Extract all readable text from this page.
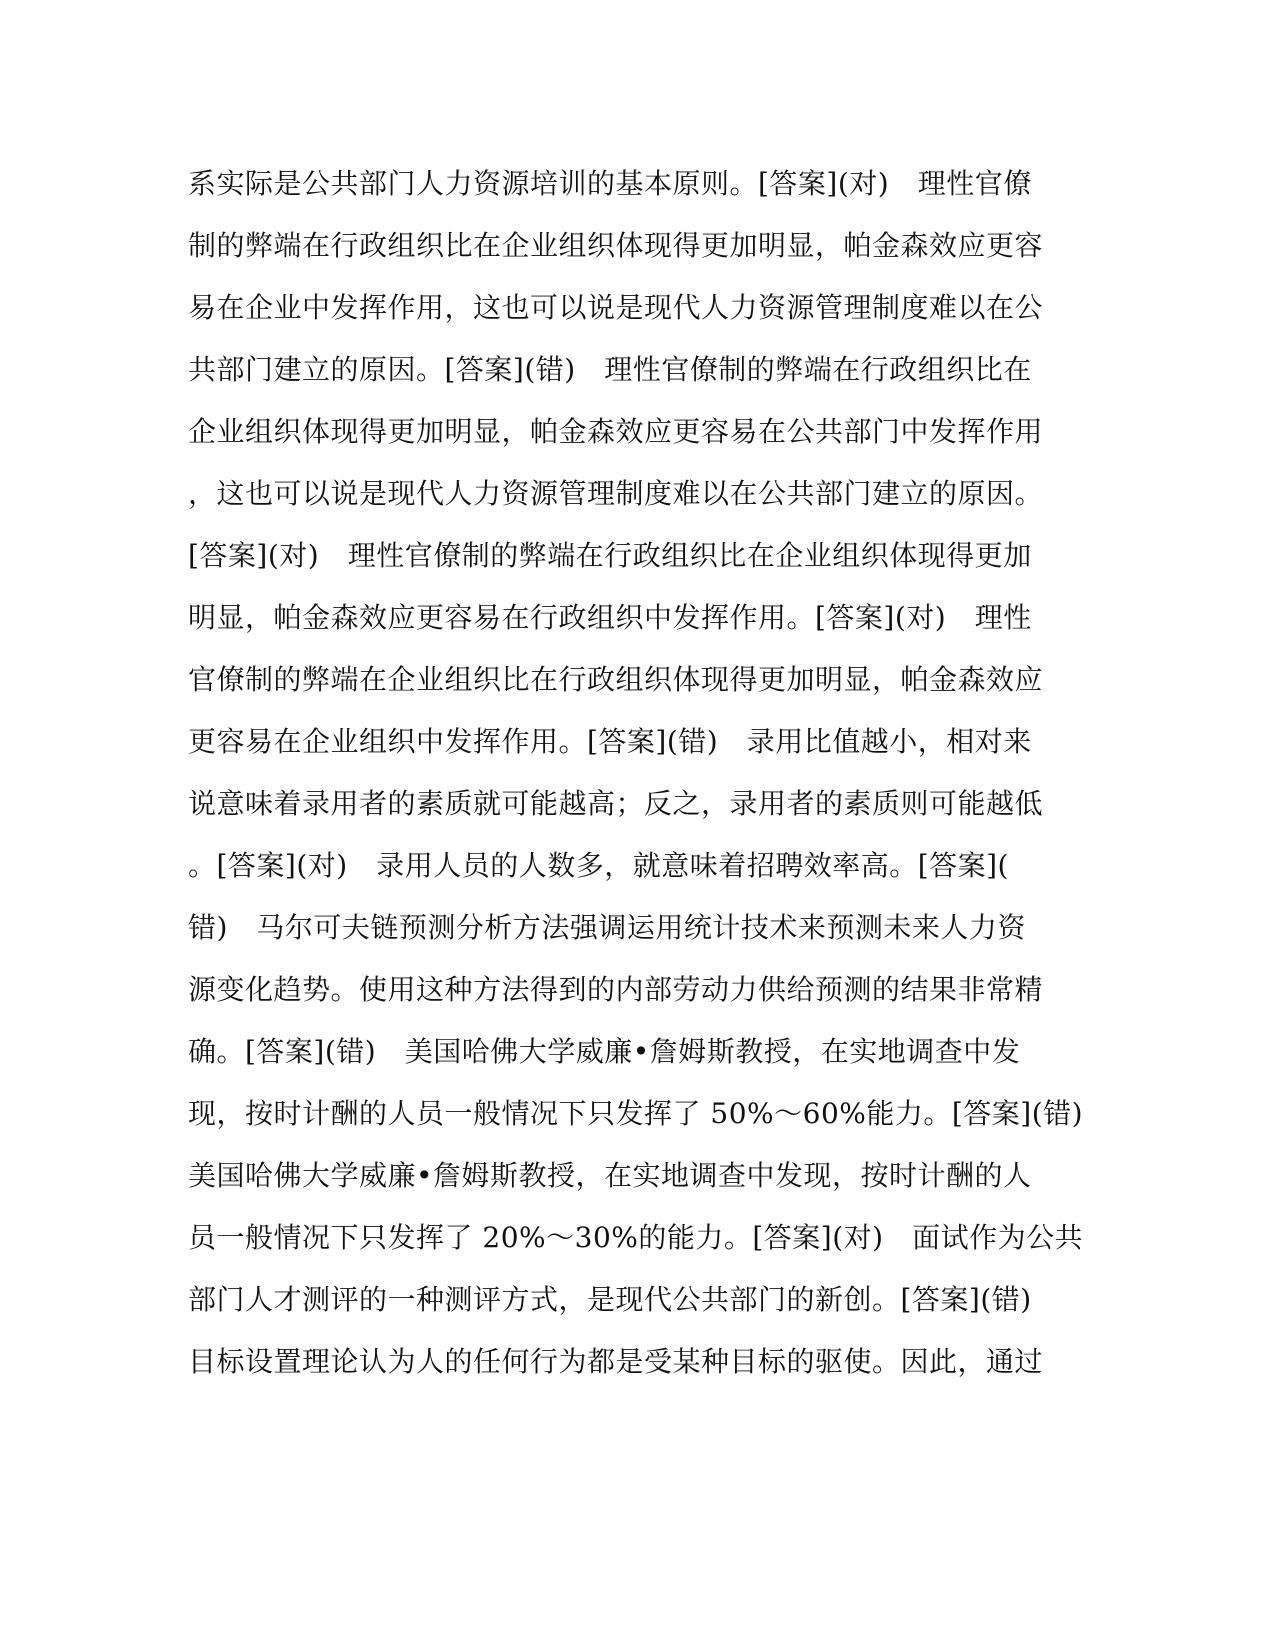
系实际是公共部门人力资源培训的基本原则。[答案](对)　理性官僚
制的弊端在行政组织比在企业组织体现得更加明显，帕金森效应更容
易在企业中发挥作用，这也可以说是现代人力资源管理制度难以在公
共部门建立的原因。[答案](错)　理性官僚制的弊端在行政组织比在
企业组织体现得更加明显，帕金森效应更容易在公共部门中发挥作用
，这也可以说是现代人力资源管理制度难以在公共部门建立的原因。
[答案](对)　理性官僚制的弊端在行政组织比在企业组织体现得更加
明显，帕金森效应更容易在行政组织中发挥作用。[答案](对)　理性
官僚制的弊端在企业组织比在行政组织体现得更加明显，帕金森效应
更容易在企业组织中发挥作用。[答案](错)　录用比值越小，相对来
说意味着录用者的素质就可能越高；反之，录用者的素质则可能越低
。[答案](对)　录用人员的人数多，就意味着招聘效率高。[答案](
错)　马尔可夫链预测分析方法强调运用统计技术来预测未来人力资
源变化趋势。使用这种方法得到的内部劳动力供给预测的结果非常精
确。[答案](错)　美国哈佛大学威廉•詹姆斯教授，在实地调查中发
现，按时计酬的人员一般情况下只发挥了 50%～60%能力。[答案](错)
美国哈佛大学威廉•詹姆斯教授，在实地调查中发现，按时计酬的人
员一般情况下只发挥了 20%～30%的能力。[答案](对)　面试作为公共
部门人才测评的一种测评方式，是现代公共部门的新创。[答案](错)
目标设置理论认为人的任何行为都是受某种目标的驱使。因此，通过
